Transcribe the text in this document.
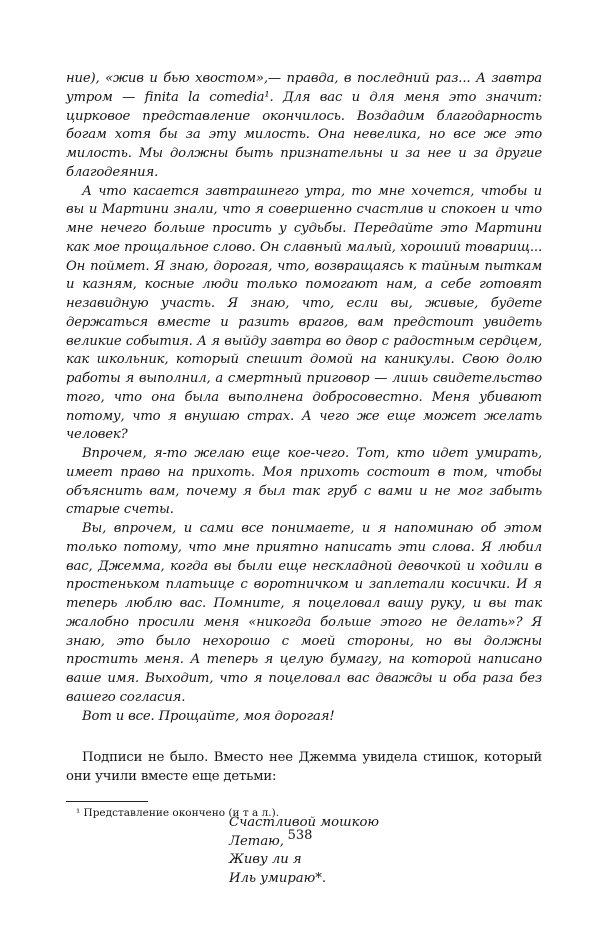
ние), «жив и бью хвостом»,— правда, в последний раз... А завтра утром — finita la comedia¹. Для вас и для меня это значит: цирковое представление окончилось. Воздадим благодарность богам хотя бы за эту милость. Она невелика, но все же это милость. Мы должны быть признательны и за нее и за другие благодеяния.

А что касается завтрашнего утра, то мне хочется, чтобы и вы и Мартини знали, что я совершенно счастлив и спокоен и что мне нечего больше просить у судьбы. Передайте это Мартини как мое прощальное слово. Он славный малый, хороший товарищ... Он поймет. Я знаю, дорогая, что, возвращаясь к тайным пыткам и казням, косные люди только помогают нам, а себе готовят незавидную участь. Я знаю, что, если вы, живые, будете держаться вместе и разить врагов, вам предстоит увидеть великие события. А я выйду завтра во двор с радостным сердцем, как школьник, который спешит домой на каникулы. Свою долю работы я выполнил, а смертный приговор — лишь свидетельство того, что она была выполнена добросовестно. Меня убивают потому, что я внушаю страх. А чего же еще может желать человек?

Впрочем, я-то желаю еще кое-чего. Тот, кто идет умирать, имеет право на прихоть. Моя прихоть состоит в том, чтобы объяснить вам, почему я был так груб с вами и не мог забыть старые счеты.

Вы, впрочем, и сами все понимаете, и я напоминаю об этом только потому, что мне приятно написать эти слова. Я любил вас, Джемма, когда вы были еще нескладной девочкой и ходили в простеньком платьице с воротничком и заплетали косички. И я теперь люблю вас. Помните, я поцеловал вашу руку, и вы так жалобно просили меня «никогда больше этого не делать»? Я знаю, это было нехорошо с моей стороны, но вы должны простить меня. А теперь я целую бумагу, на которой написано ваше имя. Выходит, что я поцеловал вас дважды и оба раза без вашего согласия.

Вот и все. Прощайте, моя дорогая!

Подписи не было. Вместо нее Джемма увидела стишок, который они учили вместе еще детьми:

Счастливой мошкою
Летаю,
Живу ли я
Иль умираю*.
¹ Представление окончено (и т а л.).
538
